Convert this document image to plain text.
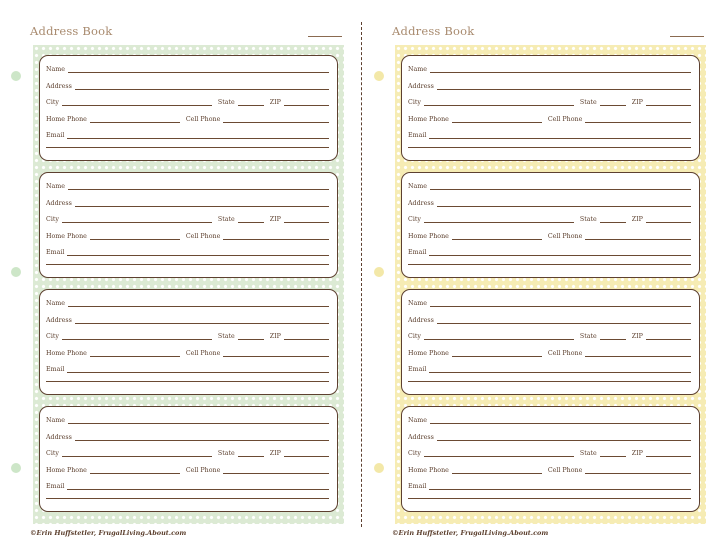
Address Book
Name
Address
City	State	ZIP
Home Phone	Cell Phone
Email
Name
Address
City	State	ZIP
Home Phone	Cell Phone
Email
Name
Address
City	State	ZIP
Home Phone	Cell Phone
Email
Name
Address
City	State	ZIP
Home Phone	Cell Phone
Email
©Erin Huffstetler, FrugalLiving.About.com
Address Book
Name
Address
City	State	ZIP
Home Phone	Cell Phone
Email
Name
Address
City	State	ZIP
Home Phone	Cell Phone
Email
Name
Address
City	State	ZIP
Home Phone	Cell Phone
Email
Name
Address
City	State	ZIP
Home Phone	Cell Phone
Email
©Erin Huffstetler, FrugalLiving.About.com
